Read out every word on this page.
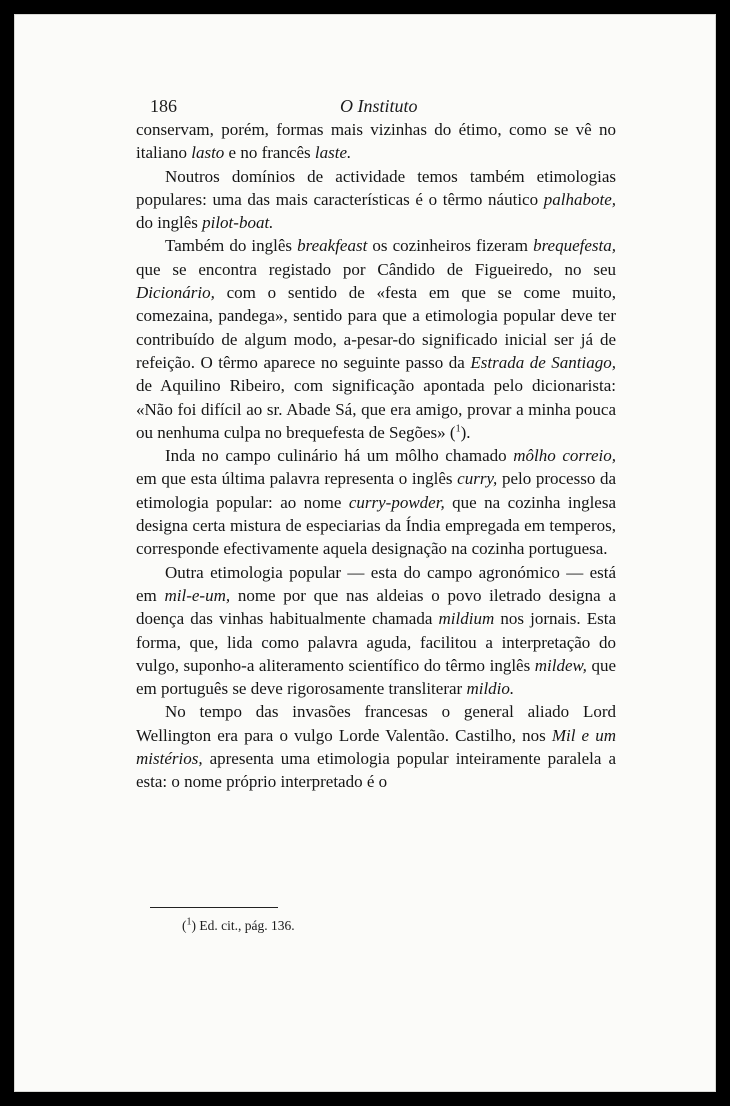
186	O Instituto

conservam, porém, formas mais vizinhas do étimo, como se vê no italiano lasto e no francês laste.

Noutros domínios de actividade temos também etimologias populares: uma das mais características é o têrmo náutico palhabote, do inglês pilot-boat.

Também do inglês breakfeast os cozinheiros fizeram brequefesta, que se encontra registado por Cândido de Figueiredo, no seu Dicionário, com o sentido de «festa em que se come muito, comezaina, pandega», sentido para que a etimologia popular deve ter contribuído de algum modo, a-pesar-do significado inicial ser já de refeição. O têrmo aparece no seguinte passo da Estrada de Santiago, de Aquilino Ribeiro, com significação apontada pelo dicionarista: «Não foi difícil ao sr. Abade Sá, que era amigo, provar a minha pouca ou nenhuma culpa no brequefesta de Segões» ($^1$).

Inda no campo culinário há um môlho chamado môlho correio, em que esta última palavra representa o inglês curry, pelo processo da etimologia popular: ao nome curry-powder, que na cozinha inglesa designa certa mistura de especiarias da Índia empregada em temperos, corresponde efectivamente aquela designação na cozinha portuguesa.

Outra etimologia popular — esta do campo agronómico — está em mil-e-um, nome por que nas aldeias o povo iletrado designa a doença das vinhas habitualmente chamada mildium nos jornais. Esta forma, que, lida como palavra aguda, facilitou a interpretação do vulgo, suponho-a aliteramento scientífico do têrmo inglês mildew, que em português se deve rigorosamente transliterar mildio.

No tempo das invasões francesas o general aliado Lord Wellington era para o vulgo Lorde Valentão. Castilho, nos Mil e um mistérios, apresenta uma etimologia popular inteiramente paralela a esta: o nome próprio interpretado é o

($^1$) Ed. cit., pág. 136.
